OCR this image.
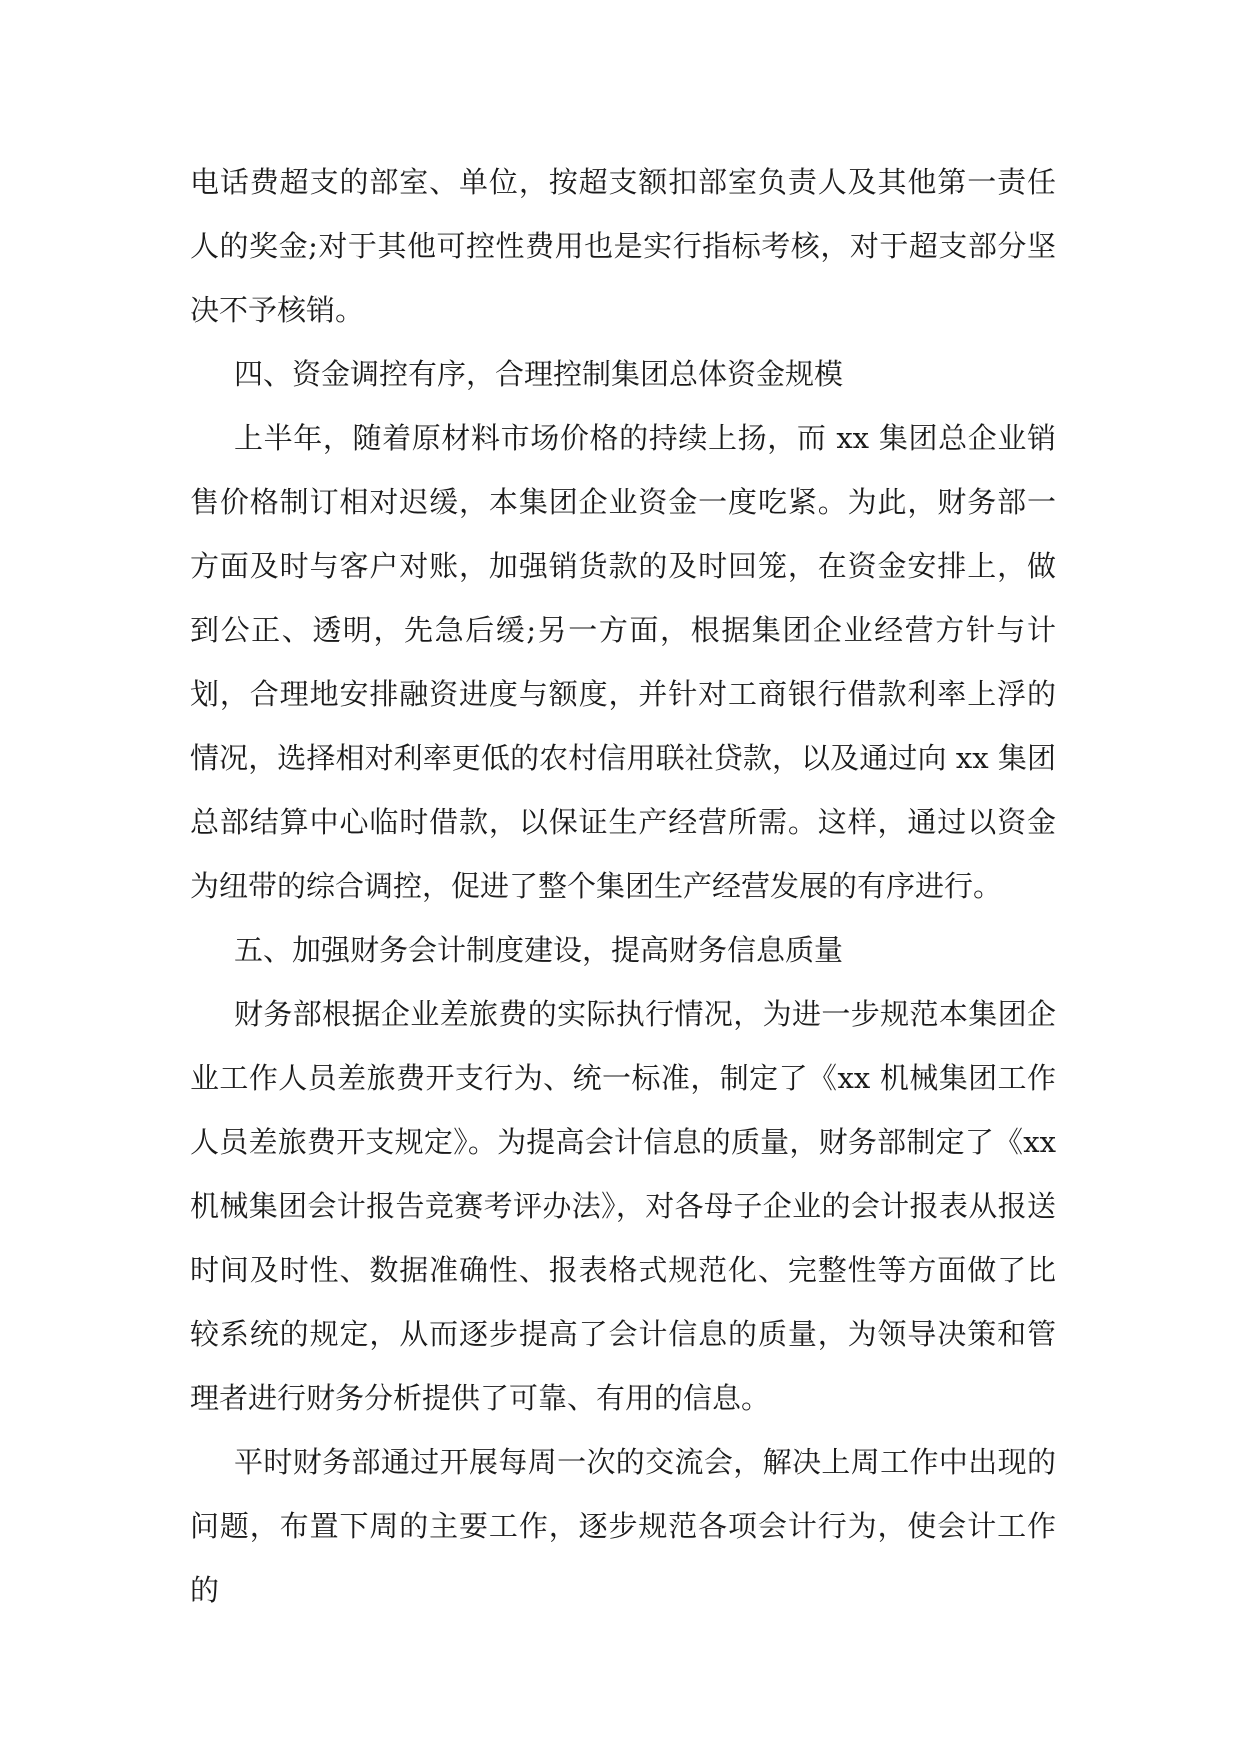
电话费超支的部室、单位，按超支额扣部室负责人及其他第一责任人的奖金;对于其他可控性费用也是实行指标考核，对于超支部分坚决不予核销。

四、资金调控有序，合理控制集团总体资金规模

上半年，随着原材料市场价格的持续上扬，而 xx 集团总企业销售价格制订相对迟缓，本集团企业资金一度吃紧。为此，财务部一方面及时与客户对账，加强销货款的及时回笼，在资金安排上，做到公正、透明，先急后缓;另一方面，根据集团企业经营方针与计划，合理地安排融资进度与额度，并针对工商银行借款利率上浮的情况，选择相对利率更低的农村信用联社贷款，以及通过向 xx 集团总部结算中心临时借款，以保证生产经营所需。这样，通过以资金为纽带的综合调控，促进了整个集团生产经营发展的有序进行。

五、加强财务会计制度建设，提高财务信息质量

财务部根据企业差旅费的实际执行情况，为进一步规范本集团企业工作人员差旅费开支行为、统一标准，制定了《xx 机械集团工作人员差旅费开支规定》。为提高会计信息的质量，财务部制定了《xx 机械集团会计报告竞赛考评办法》，对各母子企业的会计报表从报送时间及时性、数据准确性、报表格式规范化、完整性等方面做了比较系统的规定，从而逐步提高了会计信息的质量，为领导决策和管理者进行财务分析提供了可靠、有用的信息。

平时财务部通过开展每周一次的交流会，解决上周工作中出现的问题，布置下周的主要工作，逐步规范各项会计行为，使会计工作的
